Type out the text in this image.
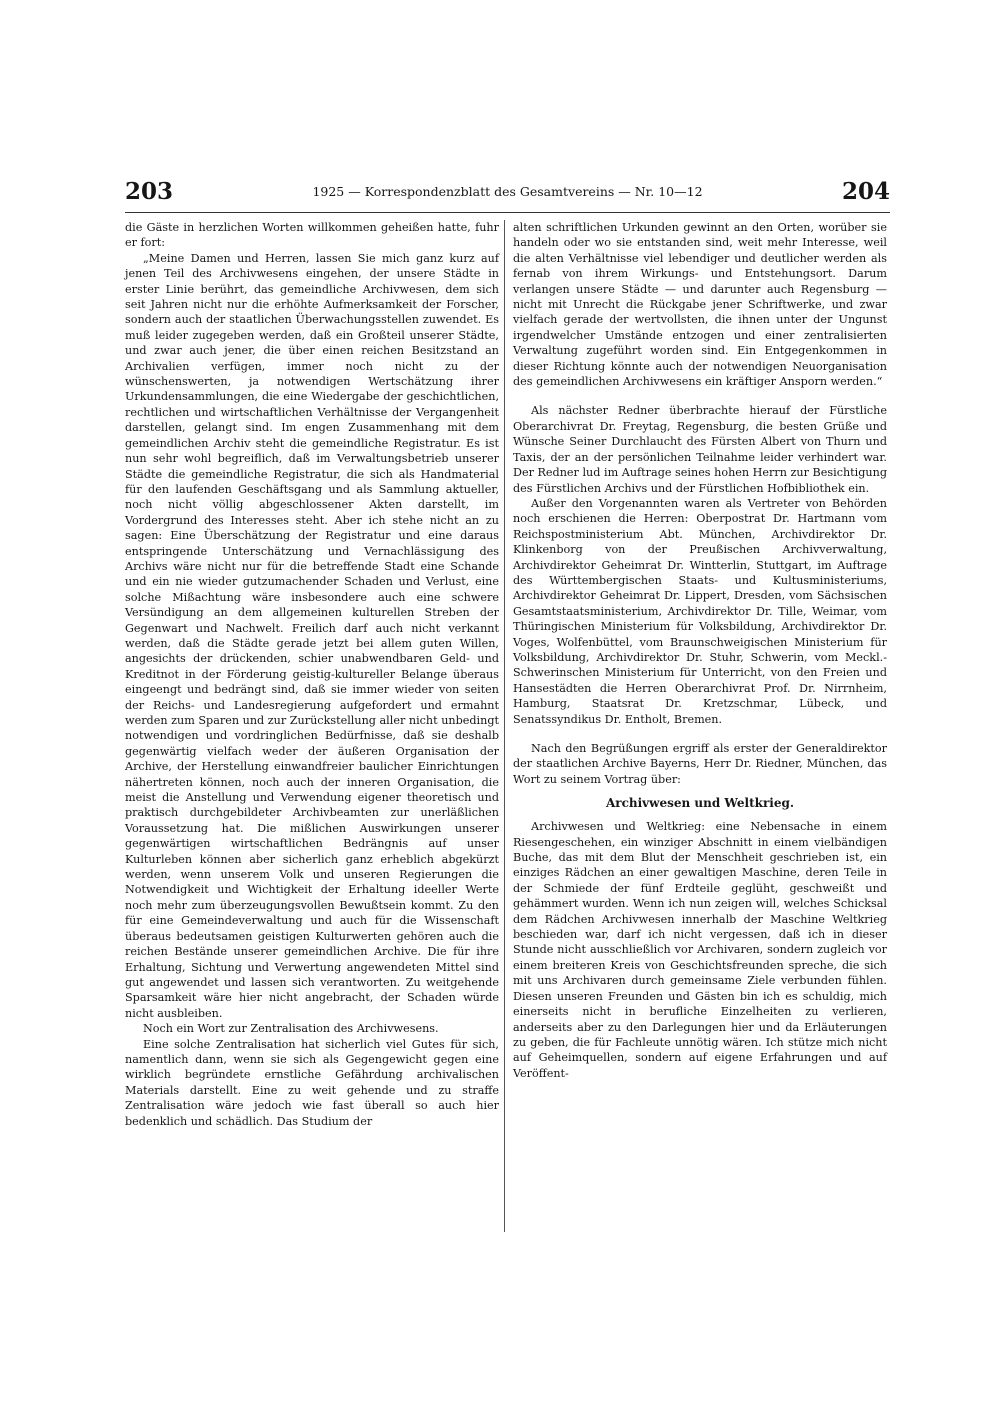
203	1925 — Korrespondenzblatt des Gesamtvereins — Nr. 10—12	204

die Gäste in herzlichen Worten willkommen geheißen hatte, fuhr er fort:

„Meine Damen und Herren, lassen Sie mich ganz kurz auf jenen Teil des Archivwesens eingehen, der unsere Städte in erster Linie berührt, das gemeindliche Archivwesen, dem sich seit Jahren nicht nur die erhöhte Aufmerksamkeit der Forscher, sondern auch der staatlichen Überwachungsstellen zuwendet. Es muß leider zugegeben werden, daß ein Großteil unserer Städte, und zwar auch jener, die über einen reichen Besitzstand an Archivalien verfügen, immer noch nicht zu der wünschenswerten, ja notwendigen Wertschätzung ihrer Urkundensammlungen, die eine Wiedergabe der geschichtlichen, rechtlichen und wirtschaftlichen Verhältnisse der Vergangenheit darstellen, gelangt sind. Im engen Zusammenhang mit dem gemeindlichen Archiv steht die gemeindliche Registratur. Es ist nun sehr wohl begreiflich, daß im Verwaltungsbetrieb unserer Städte die gemeindliche Registratur, die sich als Handmaterial für den laufenden Geschäftsgang und als Sammlung aktueller, noch nicht völlig abgeschlossener Akten darstellt, im Vordergrund des Interesses steht. Aber ich stehe nicht an zu sagen: Eine Überschätzung der Registratur und eine daraus entspringende Unterschätzung und Vernachlässigung des Archivs wäre nicht nur für die betreffende Stadt eine Schande und ein nie wieder gutzumachender Schaden und Verlust, eine solche Mißachtung wäre insbesondere auch eine schwere Versündigung an dem allgemeinen kulturellen Streben der Gegenwart und Nachwelt. Freilich darf auch nicht verkannt werden, daß die Städte gerade jetzt bei allem guten Willen, angesichts der drückenden, schier unabwendbaren Geld- und Kreditnot in der Förderung geistig-kultureller Belange überaus eingeengt und bedrängt sind, daß sie immer wieder von seiten der Reichs- und Landesregierung aufgefordert und ermahnt werden zum Sparen und zur Zurückstellung aller nicht unbedingt notwendigen und vordringlichen Bedürfnisse, daß sie deshalb gegenwärtig vielfach weder der äußeren Organisation der Archive, der Herstellung einwandfreier baulicher Einrichtungen nähertreten können, noch auch der inneren Organisation, die meist die Anstellung und Verwendung eigener theoretisch und praktisch durchgebildeter Archivbeamten zur unerläßlichen Voraussetzung hat. Die mißlichen Auswirkungen unserer gegenwärtigen wirtschaftlichen Bedrängnis auf unser Kulturleben können aber sicherlich ganz erheblich abgekürzt werden, wenn unserem Volk und unseren Regierungen die Notwendigkeit und Wichtigkeit der Erhaltung ideeller Werte noch mehr zum überzeugungsvollen Bewußtsein kommt. Zu den für eine Gemeindeverwaltung und auch für die Wissenschaft überaus bedeutsamen geistigen Kulturwerten gehören auch die reichen Bestände unserer gemeindlichen Archive. Die für ihre Erhaltung, Sichtung und Verwertung angewendeten Mittel sind gut angewendet und lassen sich verantworten. Zu weitgehende Sparsamkeit wäre hier nicht angebracht, der Schaden würde nicht ausbleiben.

Noch ein Wort zur Zentralisation des Archivwesens.

Eine solche Zentralisation hat sicherlich viel Gutes für sich, namentlich dann, wenn sie sich als Gegengewicht gegen eine wirklich begründete ernstliche Gefährdung archivalischen Materials darstellt. Eine zu weit gehende und zu straffe Zentralisation wäre jedoch wie fast überall so auch hier bedenklich und schädlich. Das Studium der

alten schriftlichen Urkunden gewinnt an den Orten, worüber sie handeln oder wo sie entstanden sind, weit mehr Interesse, weil die alten Verhältnisse viel lebendiger und deutlicher werden als fernab von ihrem Wirkungs- und Entstehungsort. Darum verlangen unsere Städte — und darunter auch Regensburg — nicht mit Unrecht die Rückgabe jener Schriftwerke, und zwar vielfach gerade der wertvollsten, die ihnen unter der Ungunst irgendwelcher Umstände entzogen und einer zentralisierten Verwaltung zugeführt worden sind. Ein Entgegenkommen in dieser Richtung könnte auch der notwendigen Neuorganisation des gemeindlichen Archivwesens ein kräftiger Ansporn werden.“

Als nächster Redner überbrachte hierauf der Fürstliche Oberarchivrat Dr. Freytag, Regensburg, die besten Grüße und Wünsche Seiner Durchlaucht des Fürsten Albert von Thurn und Taxis, der an der persönlichen Teilnahme leider verhindert war. Der Redner lud im Auftrage seines hohen Herrn zur Besichtigung des Fürstlichen Archivs und der Fürstlichen Hofbibliothek ein.

Außer den Vorgenannten waren als Vertreter von Behörden noch erschienen die Herren: Oberpostrat Dr. Hartmann vom Reichspostministerium Abt. München, Archivdirektor Dr. Klinkenborg von der Preußischen Archivverwaltung, Archivdirektor Geheimrat Dr. Wintterlin, Stuttgart, im Auftrage des Württembergischen Staats- und Kultusministeriums, Archivdirektor Geheimrat Dr. Lippert, Dresden, vom Sächsischen Gesamtstaatsministerium, Archivdirektor Dr. Tille, Weimar, vom Thüringischen Ministerium für Volksbildung, Archivdirektor Dr. Voges, Wolfenbüttel, vom Braunschweigischen Ministerium für Volksbildung, Archivdirektor Dr. Stuhr, Schwerin, vom Meckl.-Schwerinschen Ministerium für Unterricht, von den Freien und Hansestädten die Herren Oberarchivrat Prof. Dr. Nirrnheim, Hamburg, Staatsrat Dr. Kretzschmar, Lübeck, und Senatssyndikus Dr. Entholt, Bremen.

Nach den Begrüßungen ergriff als erster der Generaldirektor der staatlichen Archive Bayerns, Herr Dr. Riedner, München, das Wort zu seinem Vortrag über:

Archivwesen und Weltkrieg.

Archivwesen und Weltkrieg: eine Nebensache in einem Riesengeschehen, ein winziger Abschnitt in einem vielbändigen Buche, das mit dem Blut der Menschheit geschrieben ist, ein einziges Rädchen an einer gewaltigen Maschine, deren Teile in der Schmiede der fünf Erdteile geglüht, geschweißt und gehämmert wurden. Wenn ich nun zeigen will, welches Schicksal dem Rädchen Archivwesen innerhalb der Maschine Weltkrieg beschieden war, darf ich nicht vergessen, daß ich in dieser Stunde nicht ausschließlich vor Archivaren, sondern zugleich vor einem breiteren Kreis von Geschichtsfreunden spreche, die sich mit uns Archivaren durch gemeinsame Ziele verbunden fühlen. Diesen unseren Freunden und Gästen bin ich es schuldig, mich einerseits nicht in berufliche Einzelheiten zu verlieren, anderseits aber zu den Darlegungen hier und da Erläuterungen zu geben, die für Fachleute unnötig wären. Ich stütze mich nicht auf Geheimquellen, sondern auf eigene Erfahrungen und auf Veröffent-
